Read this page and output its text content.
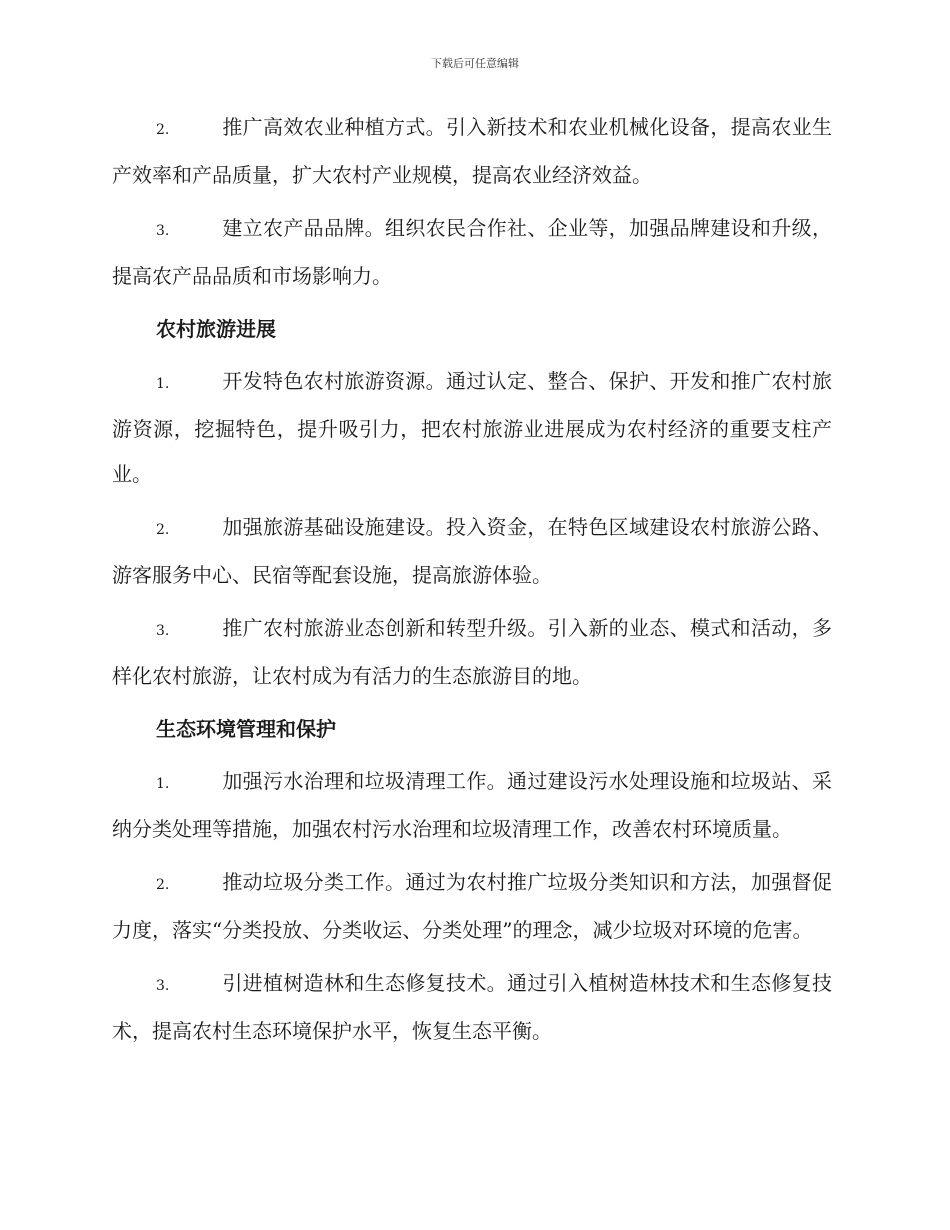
下载后可任意编辑

2.	推广高效农业种植方式。引入新技术和农业机械化设备，提高农业生产效率和产品质量，扩大农村产业规模，提高农业经济效益。

3.	建立农产品品牌。组织农民合作社、企业等，加强品牌建设和升级，提高农产品品质和市场影响力。

农村旅游进展

1.	开发特色农村旅游资源。通过认定、整合、保护、开发和推广农村旅游资源，挖掘特色，提升吸引力，把农村旅游业进展成为农村经济的重要支柱产业。

2.	加强旅游基础设施建设。投入资金，在特色区域建设农村旅游公路、游客服务中心、民宿等配套设施，提高旅游体验。

3.	推广农村旅游业态创新和转型升级。引入新的业态、模式和活动，多样化农村旅游，让农村成为有活力的生态旅游目的地。

生态环境管理和保护

1.	加强污水治理和垃圾清理工作。通过建设污水处理设施和垃圾站、采纳分类处理等措施，加强农村污水治理和垃圾清理工作，改善农村环境质量。

2.	推动垃圾分类工作。通过为农村推广垃圾分类知识和方法，加强督促力度，落实“分类投放、分类收运、分类处理”的理念，减少垃圾对环境的危害。

3.	引进植树造林和生态修复技术。通过引入植树造林技术和生态修复技术，提高农村生态环境保护水平，恢复生态平衡。
